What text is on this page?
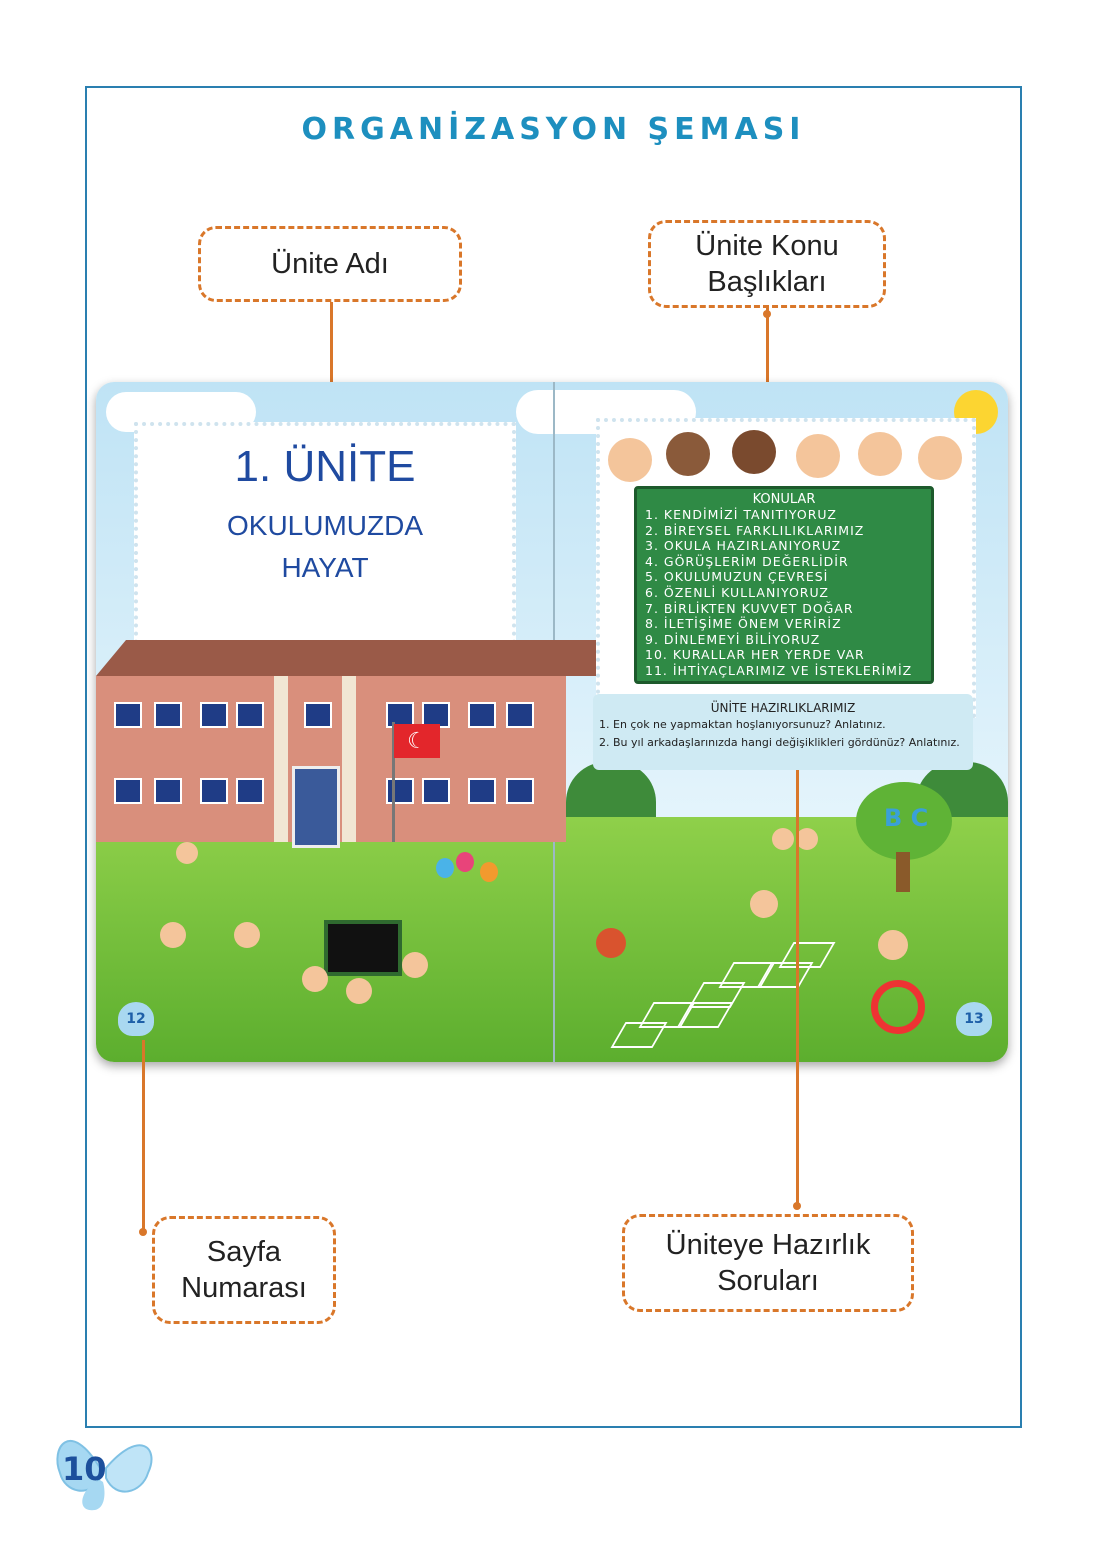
ORGANİZASYON ŞEMASI
Ünite Adı
Ünite Konu Başlıkları
1. ÜNİTE
OKULUMUZDA
HAYAT
☾
12
KONULAR
1. KENDİMİZİ TANITIYORUZ
2. BİREYSEL FARKLILIKLARIMIZ
3. OKULA HAZIRLANIYORUZ
4. GÖRÜŞLERİM DEĞERLİDİR
5. OKULUMUZUN ÇEVRESİ
6. ÖZENLİ KULLANIYORUZ
7. BİRLİKTEN KUVVET DOĞAR
8. İLETİŞİME ÖNEM VERİRİZ
9. DİNLEMEYİ BİLİYORUZ
10. KURALLAR HER YERDE VAR
11. İHTİYAÇLARIMIZ VE İSTEKLERİMİZ
ÜNİTE HAZIRLIKLARIMIZ
1. En çok ne yapmaktan hoşlanıyorsunuz? Anlatınız.
2. Bu yıl arkadaşlarınızda hangi değişiklikleri gördünüz? Anlatınız.
B C
13
Sayfa Numarası
Üniteye Hazırlık Soruları
10
